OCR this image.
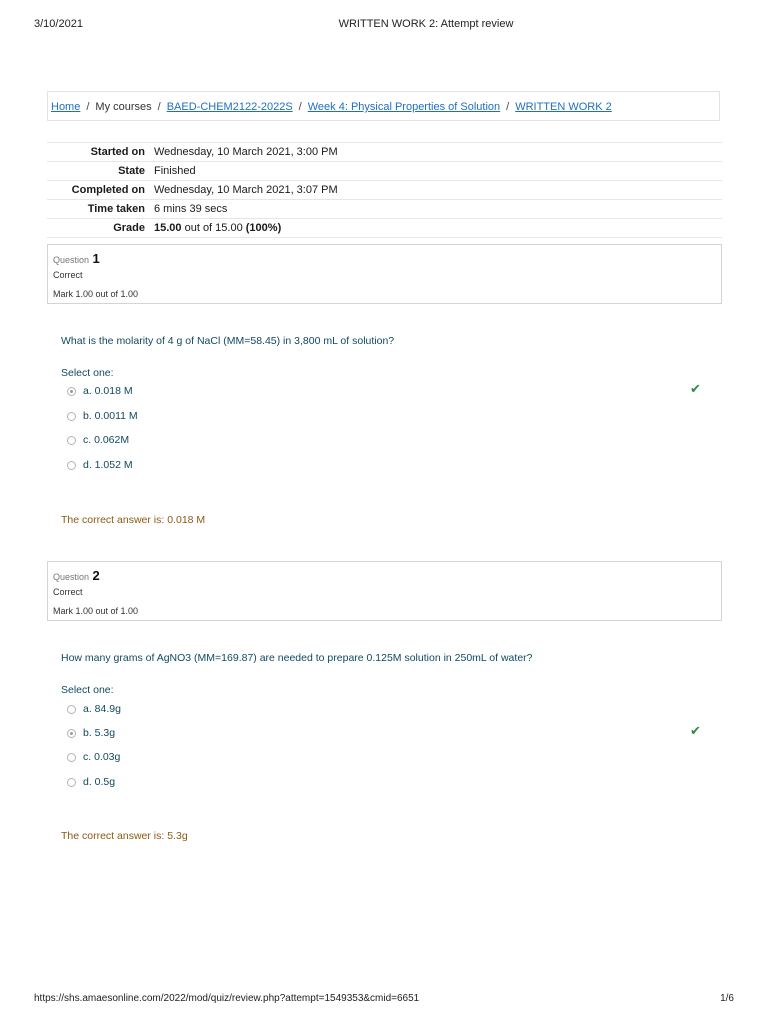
3/10/2021	WRITTEN WORK 2: Attempt review
Home / My courses / BAED-CHEM2122-2022S / Week 4: Physical Properties of Solution / WRITTEN WORK 2
Started on	Wednesday, 10 March 2021, 3:00 PM
State	Finished
Completed on	Wednesday, 10 March 2021, 3:07 PM
Time taken	6 mins 39 secs
Grade	15.00 out of 15.00 (100%)
Question 1
Correct
Mark 1.00 out of 1.00
What is the molarity of 4 g of NaCl (MM=58.45) in 3,800 mL of solution?
Select one:
a. 0.018 M
b. 0.0011 M
c. 0.062M
d. 1.052 M
✔
The correct answer is: 0.018 M
Question 2
Correct
Mark 1.00 out of 1.00
How many grams of AgNO3 (MM=169.87) are needed to prepare 0.125M solution in 250mL of water?
Select one:
a. 84.9g
b. 5.3g
c. 0.03g
d. 0.5g
✔
The correct answer is: 5.3g
https://shs.amaesonline.com/2022/mod/quiz/review.php?attempt=1549353&cmid=6651	1/6
